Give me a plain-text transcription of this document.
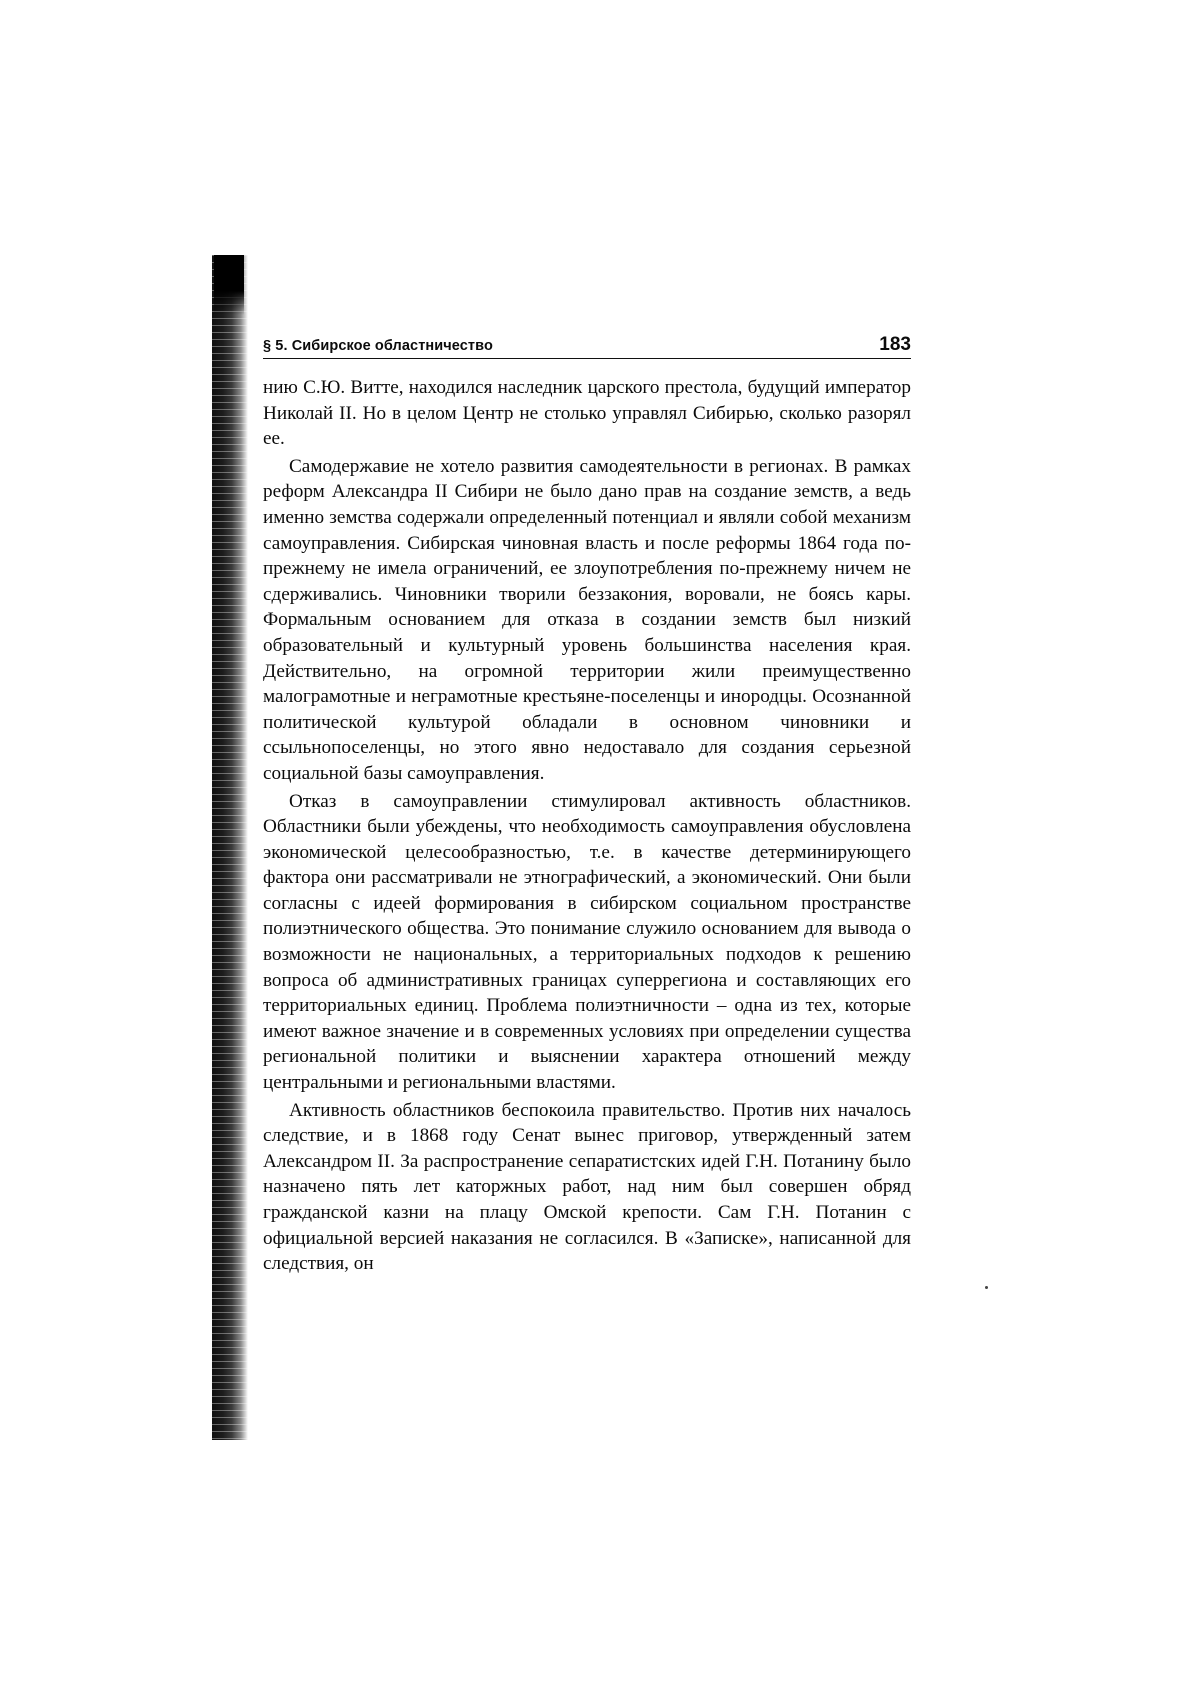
§ 5. Сибирское областничество	183

нию С.Ю. Витте, находился наследник царского престола, будущий император Николай II. Но в целом Центр не столько управлял Сибирью, сколько разорял ее.

Самодержавие не хотело развития самодеятельности в регионах. В рамках реформ Александра II Сибири не было дано прав на создание земств, а ведь именно земства содержали определенный потенциал и являли собой механизм самоуправления. Сибирская чиновная власть и после реформы 1864 года по-прежнему не имела ограничений, ее злоупотребления по-прежнему ничем не сдерживались. Чиновники творили беззакония, воровали, не боясь кары. Формальным основанием для отказа в создании земств был низкий образовательный и культурный уровень большинства населения края. Действительно, на огромной территории жили преимущественно малограмотные и неграмотные крестьяне-поселенцы и инородцы. Осознанной политической культурой обладали в основном чиновники и ссыльнопоселенцы, но этого явно недоставало для создания серьезной социальной базы самоуправления.

Отказ в самоуправлении стимулировал активность областников. Областники были убеждены, что необходимость самоуправления обусловлена экономической целесообразностью, т.е. в качестве детерминирующего фактора они рассматривали не этнографический, а экономический. Они были согласны с идеей формирования в сибирском социальном пространстве полиэтнического общества. Это понимание служило основанием для вывода о возможности не национальных, а территориальных подходов к решению вопроса об административных границах суперрегиона и составляющих его территориальных единиц. Проблема полиэтничности – одна из тех, которые имеют важное значение и в современных условиях при определении существа региональной политики и выяснении характера отношений между центральными и региональными властями.

Активность областников беспокоила правительство. Против них началось следствие, и в 1868 году Сенат вынес приговор, утвержденный затем Александром II. За распространение сепаратистских идей Г.Н. Потанину было назначено пять лет каторжных работ, над ним был совершен обряд гражданской казни на плацу Омской крепости. Сам Г.Н. Потанин с официальной версией наказания не согласился. В «Записке», написанной для следствия, он
